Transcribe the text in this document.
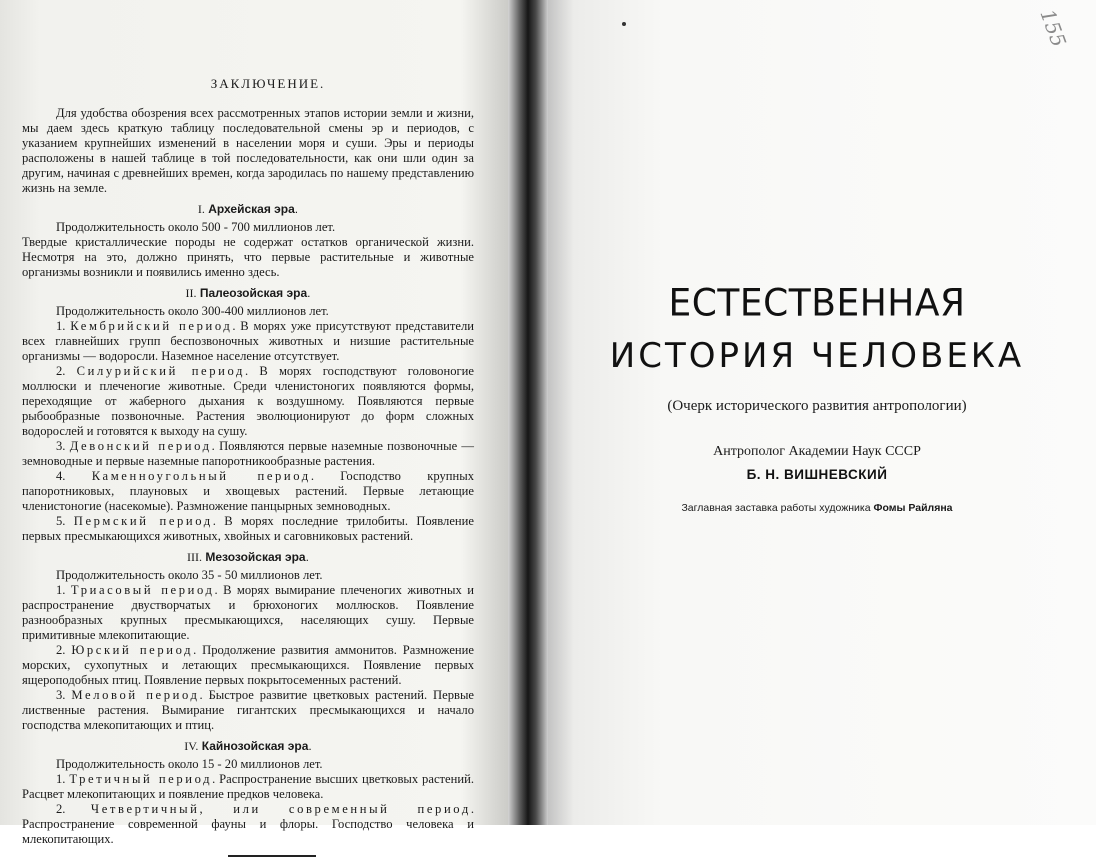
ЗАКЛЮЧЕНИЕ.

Для удобства обозрения всех рассмотренных этапов истории земли и жизни, мы даем здесь краткую таблицу последовательной смены эр и периодов, с указанием крупнейших изменений в населении моря и суши. Эры и периоды расположены в нашей таблице в той последовательности, как они шли один за другим, начиная с древнейших времен, когда зародилась по нашему представлению жизнь на земле.

I. Архейская эра.

Продолжительность около 500 - 700 миллионов лет.

Твердые кристаллические породы не содержат остатков органической жизни. Несмотря на это, должно принять, что первые растительные и животные организмы возникли и появились именно здесь.

II. Палеозойская эра.

Продолжительность около 300-400 миллионов лет.

1. Кембрийский период. В морях уже присутствуют представители всех главнейших групп беспозвоночных животных и низшие растительные организмы — водоросли. Наземное население отсутствует.

2. Силурийский период. В морях господствуют головоногие моллюски и плеченогие животные. Среди членистоногих появляются формы, переходящие от жаберного дыхания к воздушному. Появляются первые рыбообразные позвоночные. Растения эволюционируют до форм сложных водорослей и готовятся к выходу на сушу.

3. Девонский период. Появляются первые наземные позвоночные — земноводные и первые наземные папоротникообразные растения.

4. Каменноугольный период. Господство крупных папоротниковых, плауновых и хвощевых растений. Первые летающие членистоногие (насекомые). Размножение панцырных земноводных.

5. Пермский период. В морях последние трилобиты. Появление первых пресмыкающихся животных, хвойных и саговниковых растений.

III. Мезозойская эра.

Продолжительность около 35 - 50 миллионов лет.

1. Триасовый период. В морях вымирание плеченогих животных и распространение двустворчатых и брюхоногих моллюсков. Появление разнообразных крупных пресмыкающихся, населяющих сушу. Первые примитивные млекопитающие.

2. Юрский период. Продолжение развития аммонитов. Размножение морских, сухопутных и летающих пресмыкающихся. Появление первых ящероподобных птиц. Появление первых покрытосеменных растений.

3. Меловой период. Быстрое развитие цветковых растений. Первые лиственные растения. Вымирание гигантских пресмыкающихся и начало господства млекопитающих и птиц.

IV. Кайнозойская эра.

Продолжительность около 15 - 20 миллионов лет.

1. Третичный период. Распространение высших цветковых растений. Расцвет млекопитающих и появление предков человека.

2. Четвертичный, или современный период. Распространение современной фауны и флоры. Господство человека и млекопитающих.

ЕСТЕСТВЕННАЯ
ИСТОРИЯ ЧЕЛОВЕКА
(Очерк исторического развития антропологии)
Антрополог Академии Наук СССР
Б. Н. ВИШНЕВСКИЙ
Заглавная заставка работы художника Фомы Райляна
155
